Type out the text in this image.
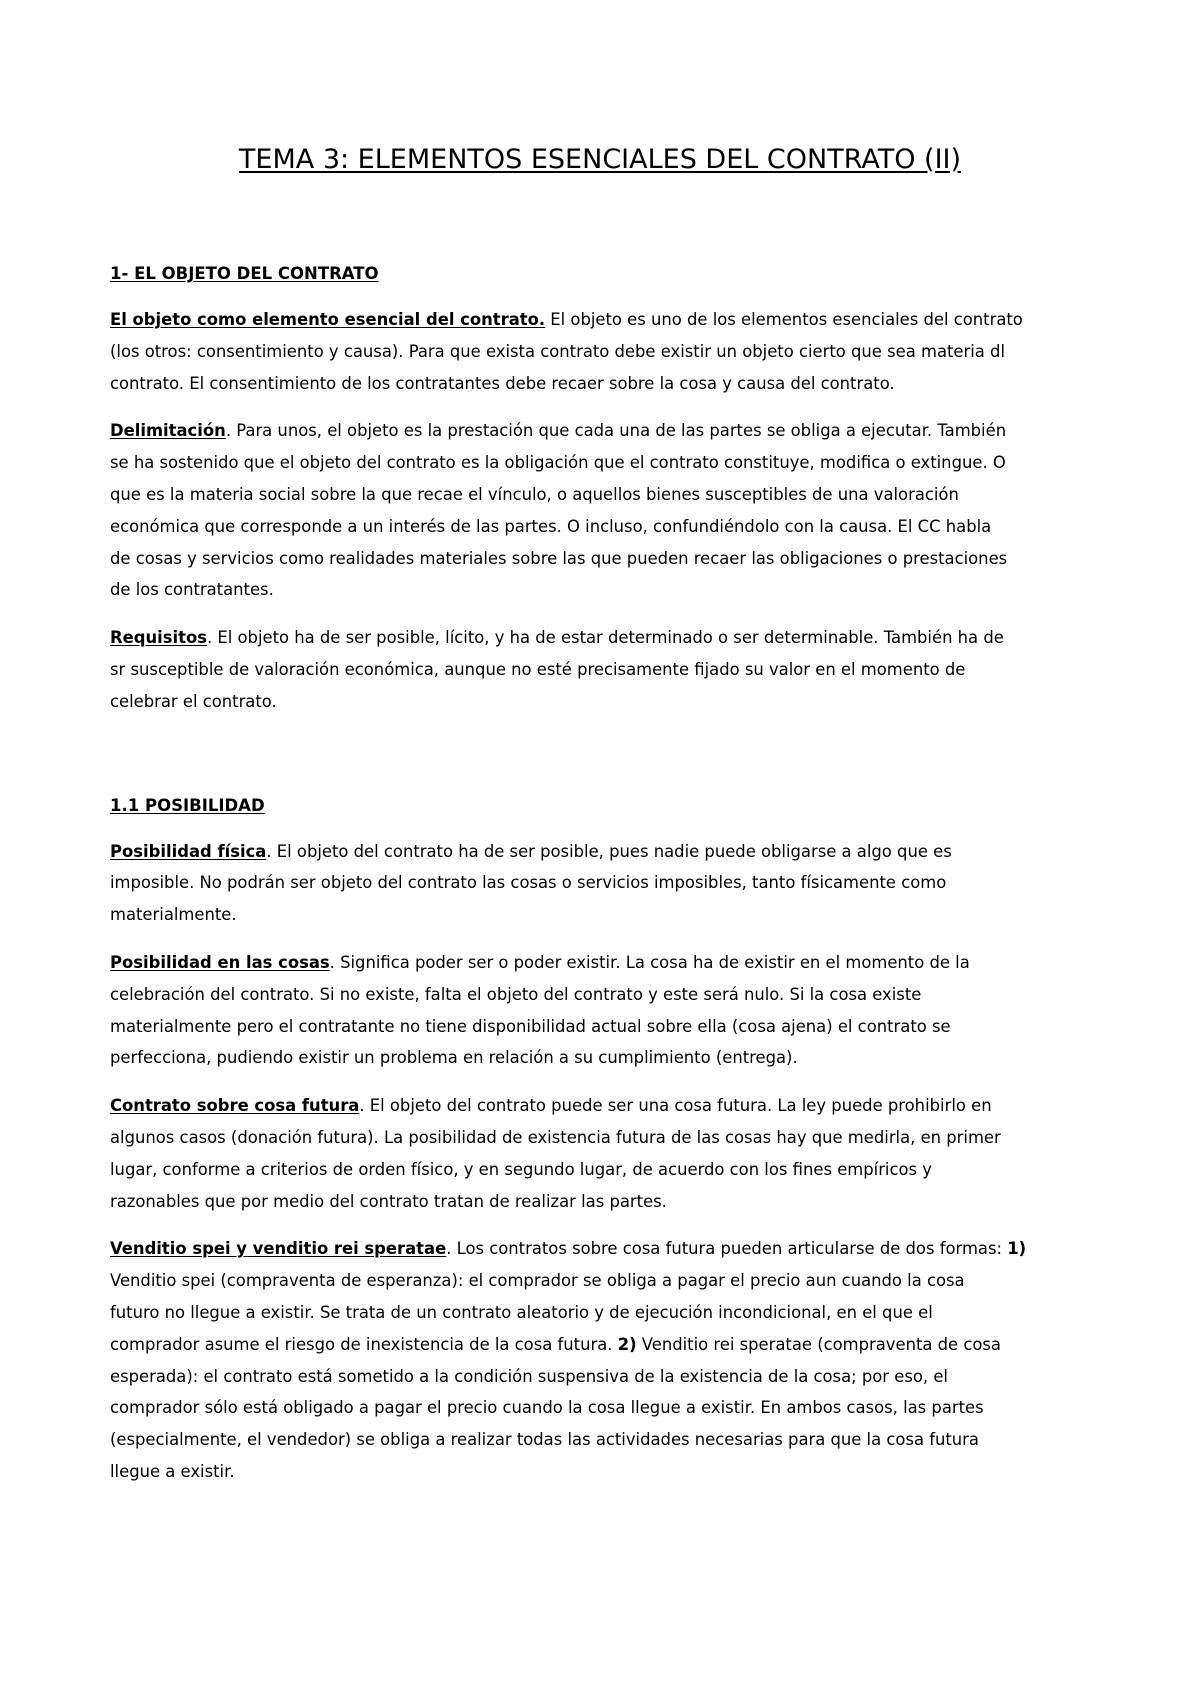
TEMA 3: ELEMENTOS ESENCIALES DEL CONTRATO (II)
1- EL OBJETO DEL CONTRATO
El objeto como elemento esencial del contrato. El objeto es uno de los elementos esenciales del contrato
(los otros: consentimiento y causa). Para que exista contrato debe existir un objeto cierto que sea materia dl
contrato. El consentimiento de los contratantes debe recaer sobre la cosa y causa del contrato.
Delimitación. Para unos, el objeto es la prestación que cada una de las partes se obliga a ejecutar. También
se ha sostenido que el objeto del contrato es la obligación que el contrato constituye, modifica o extingue. O
que es la materia social sobre la que recae el vínculo, o aquellos bienes susceptibles de una valoración
económica que corresponde a un interés de las partes. O incluso, confundiéndolo con la causa. El CC habla
de cosas y servicios como realidades materiales sobre las que pueden recaer las obligaciones o prestaciones
de los contratantes.
Requisitos. El objeto ha de ser posible, lícito, y ha de estar determinado o ser determinable. También ha de
sr susceptible de valoración económica, aunque no esté precisamente fijado su valor en el momento de
celebrar el contrato.
1.1 POSIBILIDAD
Posibilidad física. El objeto del contrato ha de ser posible, pues nadie puede obligarse a algo que es
imposible. No podrán ser objeto del contrato las cosas o servicios imposibles, tanto físicamente como
materialmente.
Posibilidad en las cosas. Significa poder ser o poder existir. La cosa ha de existir en el momento de la
celebración del contrato. Si no existe, falta el objeto del contrato y este será nulo. Si la cosa existe
materialmente pero el contratante no tiene disponibilidad actual sobre ella (cosa ajena) el contrato se
perfecciona, pudiendo existir un problema en relación a su cumplimiento (entrega).
Contrato sobre cosa futura. El objeto del contrato puede ser una cosa futura. La ley puede prohibirlo en
algunos casos (donación futura). La posibilidad de existencia futura de las cosas hay que medirla, en primer
lugar, conforme a criterios de orden físico, y en segundo lugar, de acuerdo con los fines empíricos y
razonables que por medio del contrato tratan de realizar las partes.
Venditio spei y venditio rei speratae. Los contratos sobre cosa futura pueden articularse de dos formas: 1)
Venditio spei (compraventa de esperanza): el comprador se obliga a pagar el precio aun cuando la cosa
futuro no llegue a existir. Se trata de un contrato aleatorio y de ejecución incondicional, en el que el
comprador asume el riesgo de inexistencia de la cosa futura. 2) Venditio rei speratae (compraventa de cosa
esperada): el contrato está sometido a la condición suspensiva de la existencia de la cosa; por eso, el
comprador sólo está obligado a pagar el precio cuando la cosa llegue a existir. En ambos casos, las partes
(especialmente, el vendedor) se obliga a realizar todas las actividades necesarias para que la cosa futura
llegue a existir.
